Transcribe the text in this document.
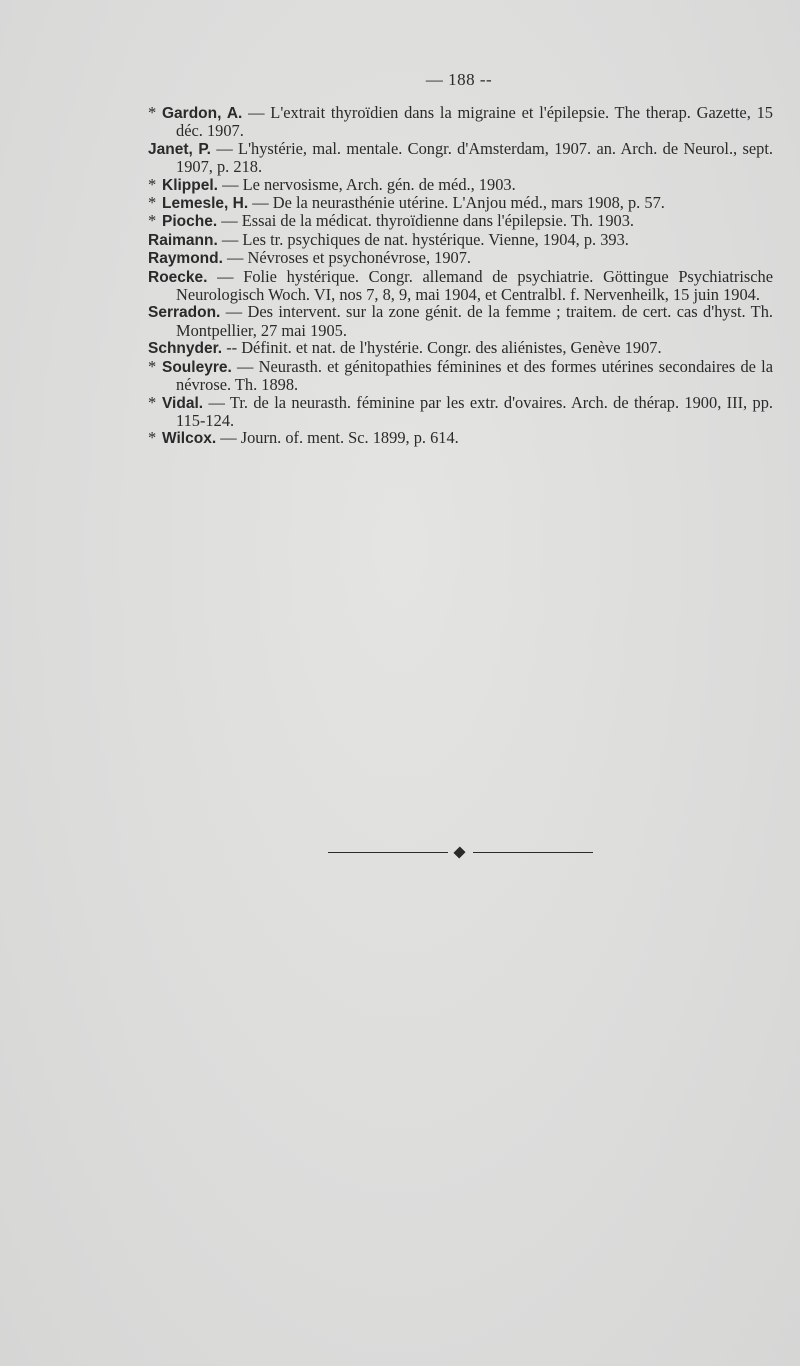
— 188 --

* Gardon, A. — L'extrait thyroïdien dans la migraine et l'épilepsie. The therap. Gazette, 15 déc. 1907.

Janet, P. — L'hystérie, mal. mentale. Congr. d'Amsterdam, 1907. an. Arch. de Neurol., sept. 1907, p. 218.

* Klippel. — Le nervosisme, Arch. gén. de méd., 1903.

* Lemesle, H. — De la neurasthénie utérine. L'Anjou méd., mars 1908, p. 57.

* Pioche. — Essai de la médicat. thyroïdienne dans l'épilepsie. Th. 1903.

Raimann. — Les tr. psychiques de nat. hystérique. Vienne, 1904, p. 393.

Raymond. — Névroses et psychonévrose, 1907.

Roecke. — Folie hystérique. Congr. allemand de psychiatrie. Göttingue Psychiatrische Neurologisch Woch. VI, nos 7, 8, 9, mai 1904, et Centralbl. f. Nervenheilk, 15 juin 1904.

Serradon. — Des intervent. sur la zone génit. de la femme ; traitem. de cert. cas d'hyst. Th. Montpellier, 27 mai 1905.

Schnyder. -- Définit. et nat. de l'hystérie. Congr. des aliénistes, Genève 1907.

* Souleyre. — Neurasth. et génitopathies féminines et des formes utérines secondaires de la névrose. Th. 1898.

* Vidal. — Tr. de la neurasth. féminine par les extr. d'ovaires. Arch. de thérap. 1900, III, pp. 115-124.

* Wilcox. — Journ. of. ment. Sc. 1899, p. 614.
